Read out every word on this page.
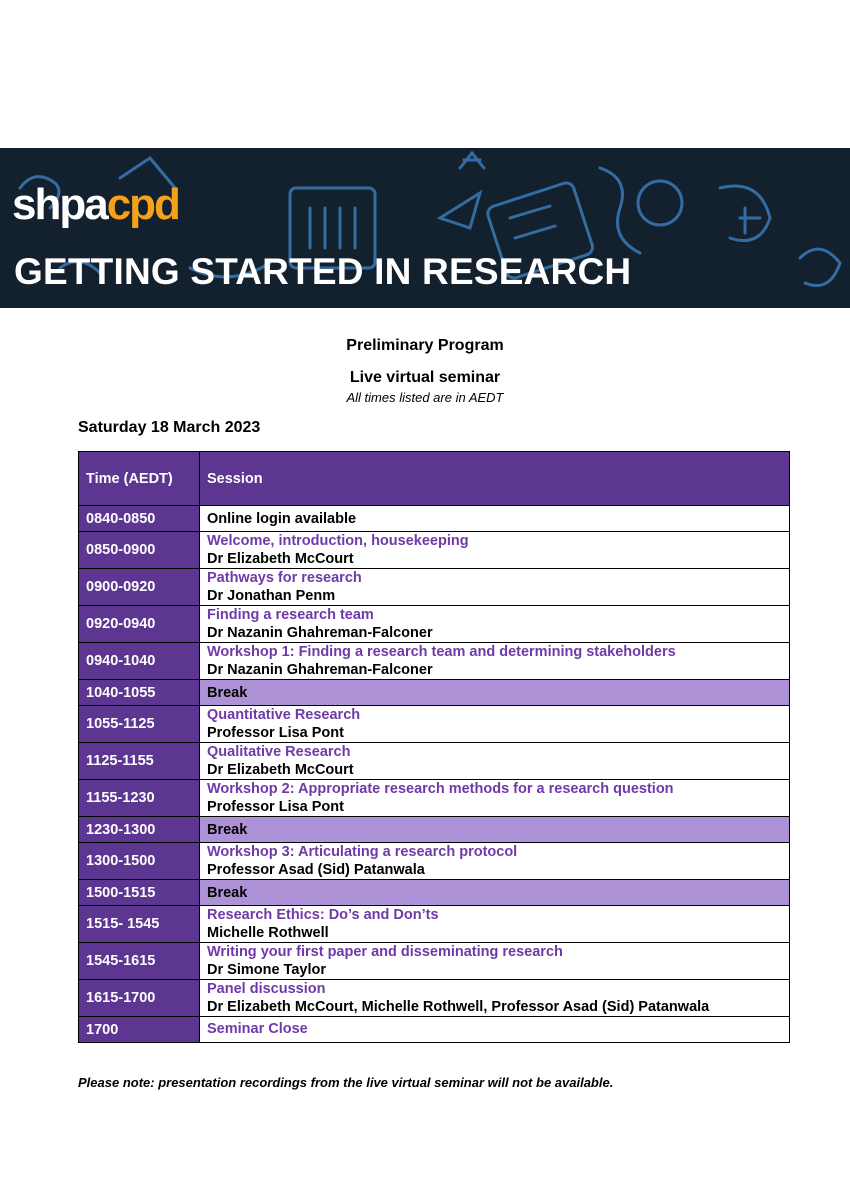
shpacpd
GETTING STARTED IN RESEARCH
Preliminary Program
Live virtual seminar
All times listed are in AEDT
Saturday 18 March 2023
Time (AEDT)	Session
0840-0850	Online login available
0850-0900	Welcome, introduction, housekeeping
Dr Elizabeth McCourt

0900-0920	Pathways for research
Dr Jonathan Penm

0920-0940	Finding a research team
Dr Nazanin Ghahreman-Falconer

0940-1040	Workshop 1: Finding a research team and determining stakeholders
Dr Nazanin Ghahreman-Falconer

1040-1055	Break
1055-1125	Quantitative Research
Professor Lisa Pont

1125-1155	Qualitative Research
Dr Elizabeth McCourt

1155-1230	Workshop 2: Appropriate research methods for a research question
Professor Lisa Pont

1230-1300	Break
1300-1500	Workshop 3: Articulating a research protocol
Professor Asad (Sid) Patanwala

1500-1515	Break
1515- 1545	Research Ethics: Do’s and Don’ts
Michelle Rothwell

1545-1615	Writing your first paper and disseminating research
Dr Simone Taylor

1615-1700	Panel discussion
Dr Elizabeth McCourt, Michelle Rothwell, Professor Asad (Sid) Patanwala

1700	Seminar Close
Please note: presentation recordings from the live virtual seminar will not be available.
